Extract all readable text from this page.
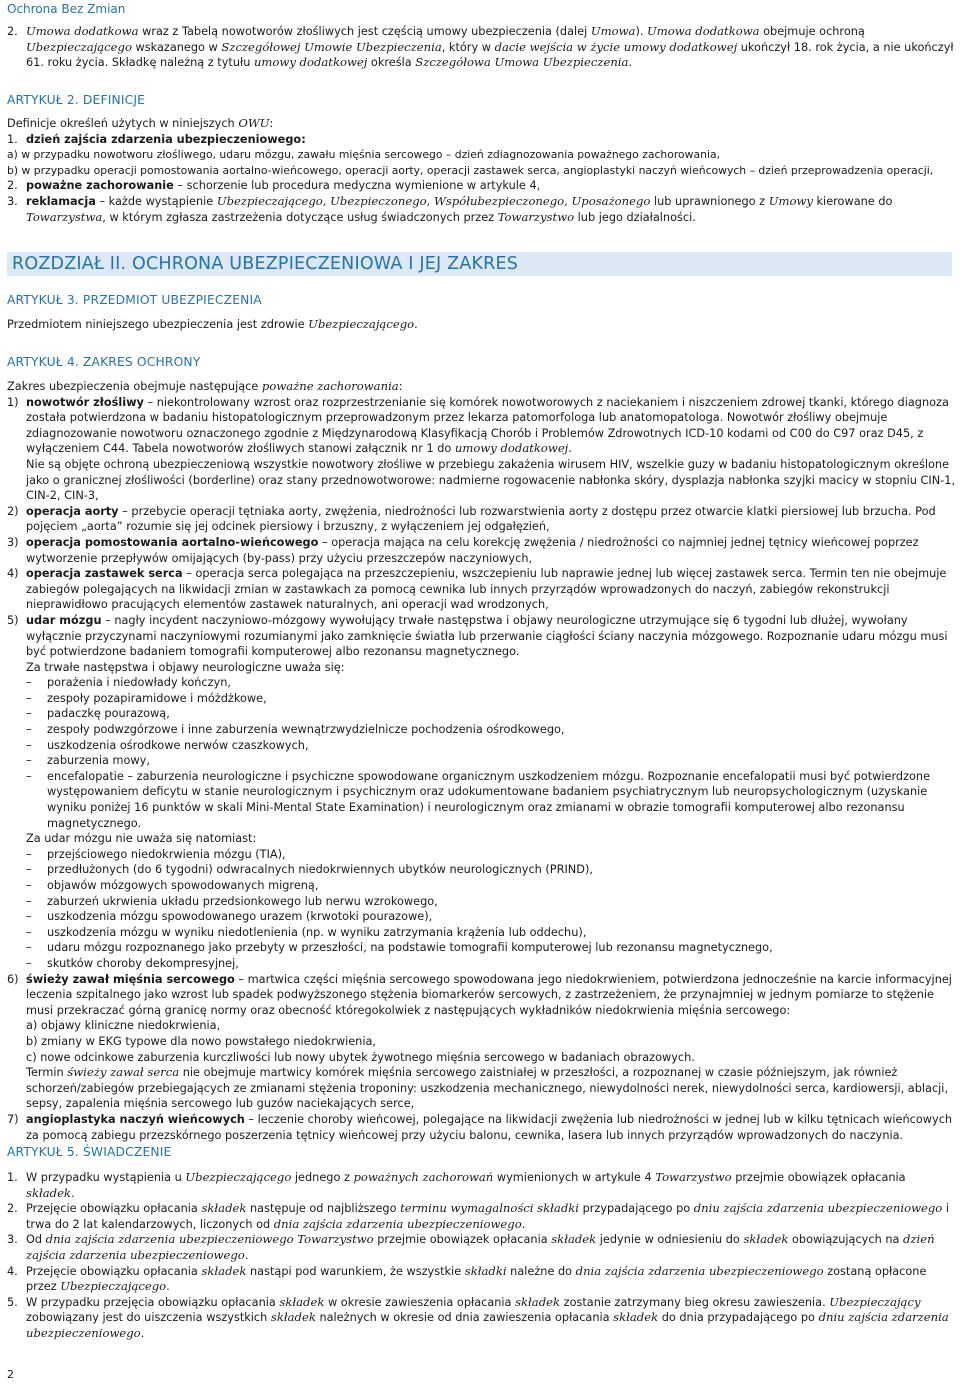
Ochrona Bez Zmian
2. Umowa dodatkowa wraz z Tabelą nowotworów złośliwych jest częścią umowy ubezpieczenia (dalej Umowa). Umowa dodatkowa obejmuje ochroną Ubezpieczającego wskazanego w Szczegółowej Umowie Ubezpieczenia, który w dacie wejścia w życie umowy dodatkowej ukończył 18. rok życia, a nie ukończył 61. roku życia. Składkę należną z tytułu umowy dodatkowej określa Szczegółowa Umowa Ubezpieczenia.
ARTYKUŁ 2. DEFINICJE

Definicje określeń użytych w niniejszych OWU:

1. dzień zajścia zdarzenia ubezpieczeniowego:

a) w przypadku nowotworu złośliwego, udaru mózgu, zawału mięśnia sercowego – dzień zdiagnozowania poważnego zachorowania,

b) w przypadku operacji pomostowania aortalno-wieńcowego, operacji aorty, operacji zastawek serca, angioplastyki naczyń wieńcowych – dzień przeprowadzenia operacji,

2. poważne zachorowanie – schorzenie lub procedura medyczna wymienione w artykule 4,
3. reklamacja – każde wystąpienie Ubezpieczającego, Ubezpieczonego, Współubezpieczonego, Uposażonego lub uprawnionego z Umowy kierowane do Towarzystwa, w którym zgłasza zastrzeżenia dotyczące usług świadczonych przez Towarzystwo lub jego działalności.
ROZDZIAŁ II. OCHRONA UBEZPIECZENIOWA I JEJ ZAKRES
ARTYKUŁ 3. PRZEDMIOT UBEZPIECZENIA
Przedmiotem niniejszego ubezpieczenia jest zdrowie Ubezpieczającego.
ARTYKUŁ 4. ZAKRES OCHRONY

Zakres ubezpieczenia obejmuje następujące poważne zachorowania:

1) nowotwór złośliwy – niekontrolowany wzrost oraz rozprzestrzenianie się komórek nowotworowych z naciekaniem i niszczeniem zdrowej tkanki, którego diagnoza została potwierdzona w badaniu histopatologicznym przeprowadzonym przez lekarza patomorfologa lub anatomopatologa. Nowotwór złośliwy obejmuje zdiagnozowanie nowotworu oznaczonego zgodnie z Międzynarodową Klasyfikacją Chorób i Problemów Zdrowotnych ICD-10 kodami od C00 do C97 oraz D45, z wyłączeniem C44. Tabela nowotworów złośliwych stanowi załącznik nr 1 do umowy dodatkowej.
Nie są objęte ochroną ubezpieczeniową wszystkie nowotwory złośliwe w przebiegu zakażenia wirusem HIV, wszelkie guzy w badaniu histopatologicznym określone jako o granicznej złośliwości (borderline) oraz stany przednowotworowe: nadmierne rogowacenie nabłonka skóry, dysplazja nabłonka szyjki macicy w stopniu CIN-1, CIN-2, CIN-3,
2) operacja aorty – przebycie operacji tętniaka aorty, zwężenia, niedrożności lub rozwarstwienia aorty z dostępu przez otwarcie klatki piersiowej lub brzucha. Pod pojęciem „aorta” rozumie się jej odcinek piersiowy i brzuszny, z wyłączeniem jej odgałęzień,
3) operacja pomostowania aortalno-wieńcowego – operacja mająca na celu korekcję zwężenia / niedrożności co najmniej jednej tętnicy wieńcowej poprzez wytworzenie przepływów omijających (by-pass) przy użyciu przeszczepów naczyniowych,
4) operacja zastawek serca – operacja serca polegająca na przeszczepieniu, wszczepieniu lub naprawie jednej lub więcej zastawek serca. Termin ten nie obejmuje zabiegów polegających na likwidacji zmian w zastawkach za pomocą cewnika lub innych przyrządów wprowadzonych do naczyń, zabiegów rekonstrukcji nieprawidłowo pracujących elementów zastawek naturalnych, ani operacji wad wrodzonych,
5) udar mózgu – nagły incydent naczyniowo-mózgowy wywołujący trwałe następstwa i objawy neurologiczne utrzymujące się 6 tygodni lub dłużej, wywołany wyłącznie przyczynami naczyniowymi rozumianymi jako zamknięcie światła lub przerwanie ciągłości ściany naczynia mózgowego. Rozpoznanie udaru mózgu musi być potwierdzone badaniem tomografii komputerowej albo rezonansu magnetycznego.

Za trwałe następstwa i objawy neurologiczne uważa się:

–	porażenia i niedowłady kończyn,
–	zespoły pozapiramidowe i móżdżkowe,
–	padaczkę pourazową,
–	zespoły podwzgórzowe i inne zaburzenia wewnątrzwydzielnicze pochodzenia ośrodkowego,
–	uszkodzenia ośrodkowe nerwów czaszkowych,
–	zaburzenia mowy,
–	encefalopatie – zaburzenia neurologiczne i psychiczne spowodowane organicznym uszkodzeniem mózgu. Rozpoznanie encefalopatii musi być potwierdzone występowaniem deficytu w stanie neurologicznym i psychicznym oraz udokumentowane badaniem psychiatrycznym lub neuropsychologicznym (uzyskanie wyniku poniżej 16 punktów w skali Mini-Mental State Examination) i neurologicznym oraz zmianami w obrazie tomografii komputerowej albo rezonansu magnetycznego.

Za udar mózgu nie uważa się natomiast:

–	przejściowego niedokrwienia mózgu (TIA),
–	przedłużonych (do 6 tygodni) odwracalnych niedokrwiennych ubytków neurologicznych (PRIND),
–	objawów mózgowych spowodowanych migreną,
–	zaburzeń ukrwienia układu przedsionkowego lub nerwu wzrokowego,
–	uszkodzenia mózgu spowodowanego urazem (krwotoki pourazowe),
–	uszkodzenia mózgu w wyniku niedotlenienia (np. w wyniku zatrzymania krążenia lub oddechu),
–	udaru mózgu rozpoznanego jako przebyty w przeszłości, na podstawie tomografii komputerowej lub rezonansu magnetycznego,
–	skutków choroby dekompresyjnej,
6) świeży zawał mięśnia sercowego – martwica części mięśnia sercowego spowodowana jego niedokrwieniem, potwierdzona jednocześnie na karcie informacyjnej leczenia szpitalnego jako wzrost lub spadek podwyższonego stężenia biomarkerów sercowych, z zastrzeżeniem, że przynajmniej w jednym pomiarze to stężenie musi przekraczać górną granicę normy oraz obecność któregokolwiek z następujących wykładników niedokrwienia mięśnia sercowego:

a) objawy kliniczne niedokrwienia,

b) zmiany w EKG typowe dla nowo powstałego niedokrwienia,

c) nowe odcinkowe zaburzenia kurczliwości lub nowy ubytek żywotnego mięśnia sercowego w badaniach obrazowych.

Termin świeży zawał serca nie obejmuje martwicy komórek mięśnia sercowego zaistniałej w przeszłości, a rozpoznanej w czasie późniejszym, jak również schorzeń/zabiegów przebiegających ze zmianami stężenia troponiny: uszkodzenia mechanicznego, niewydolności nerek, niewydolności serca, kardiowersji, ablacji, sepsy, zapalenia mięśnia sercowego lub guzów naciekających serce,

7) angioplastyka naczyń wieńcowych – leczenie choroby wieńcowej, polegające na likwidacji zwężenia lub niedrożności w jednej lub w kilku tętnicach wieńcowych za pomocą zabiegu przezskórnego poszerzenia tętnicy wieńcowej przy użyciu balonu, cewnika, lasera lub innych przyrządów wprowadzonych do naczynia.
ARTYKUŁ 5. ŚWIADCZENIE
1. W przypadku wystąpienia u Ubezpieczającego jednego z poważnych zachorowań wymienionych w artykule 4 Towarzystwo przejmie obowiązek opłacania składek.
2. Przejęcie obowiązku opłacania składek następuje od najbliższego terminu wymagalności składki przypadającego po dniu zajścia zdarzenia ubezpieczeniowego i trwa do 2 lat kalendarzowych, liczonych od dnia zajścia zdarzenia ubezpieczeniowego.
3. Od dnia zajścia zdarzenia ubezpieczeniowego Towarzystwo przejmie obowiązek opłacania składek jedynie w odniesieniu do składek obowiązujących na dzień zajścia zdarzenia ubezpieczeniowego.
4. Przejęcie obowiązku opłacania składek nastąpi pod warunkiem, że wszystkie składki należne do dnia zajścia zdarzenia ubezpieczeniowego zostaną opłacone przez Ubezpieczającego.
5. W przypadku przejęcia obowiązku opłacania składek w okresie zawieszenia opłacania składek zostanie zatrzymany bieg okresu zawieszenia. Ubezpieczający zobowiązany jest do uiszczenia wszystkich składek należnych w okresie od dnia zawieszenia opłacania składek do dnia przypadającego po dniu zajścia zdarzenia ubezpieczeniowego.
2
